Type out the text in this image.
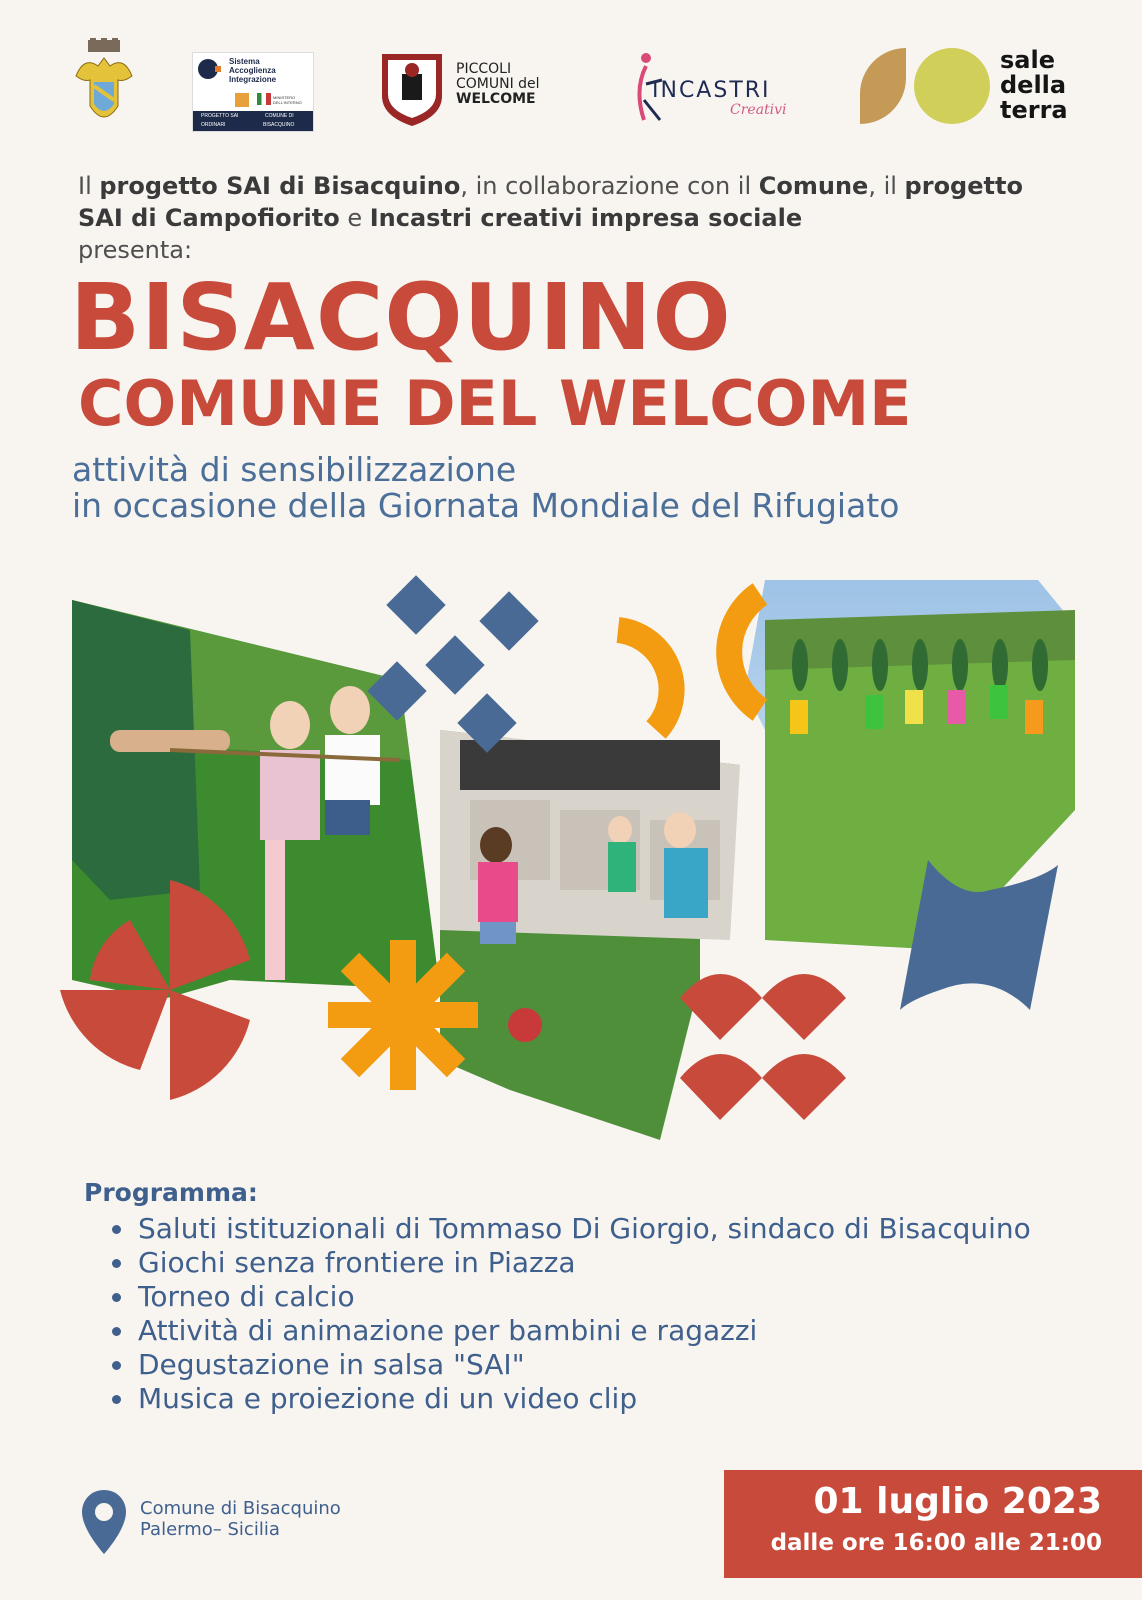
Sistema
Accoglienza
Integrazione
MINISTERO DELL'INTERNO
PROGETTO SAI
ORDINARI
COMUNE DI
BISACQUINO
PICCOLI
COMUNI del
WELCOME	INCASTRI
Creativi
sale
della
terra
Il progetto SAI di Bisacquino, in collaborazione con il Comune, il progetto SAI di Campofiorito e Incastri creativi impresa sociale
presenta:
BISACQUINO
COMUNE DEL WELCOME
attività di sensibilizzazione
in occasione della Giornata Mondiale del Rifugiato
Programma:
• Saluti istituzionali di Tommaso Di Giorgio, sindaco di Bisacquino
• Giochi senza frontiere in Piazza
• Torneo di calcio
• Attività di animazione per bambini e ragazzi
• Degustazione in salsa "SAI"
• Musica e proiezione di un video clip
Comune di Bisacquino
Palermo– Sicilia
01 luglio 2023
dalle ore 16:00 alle 21:00
